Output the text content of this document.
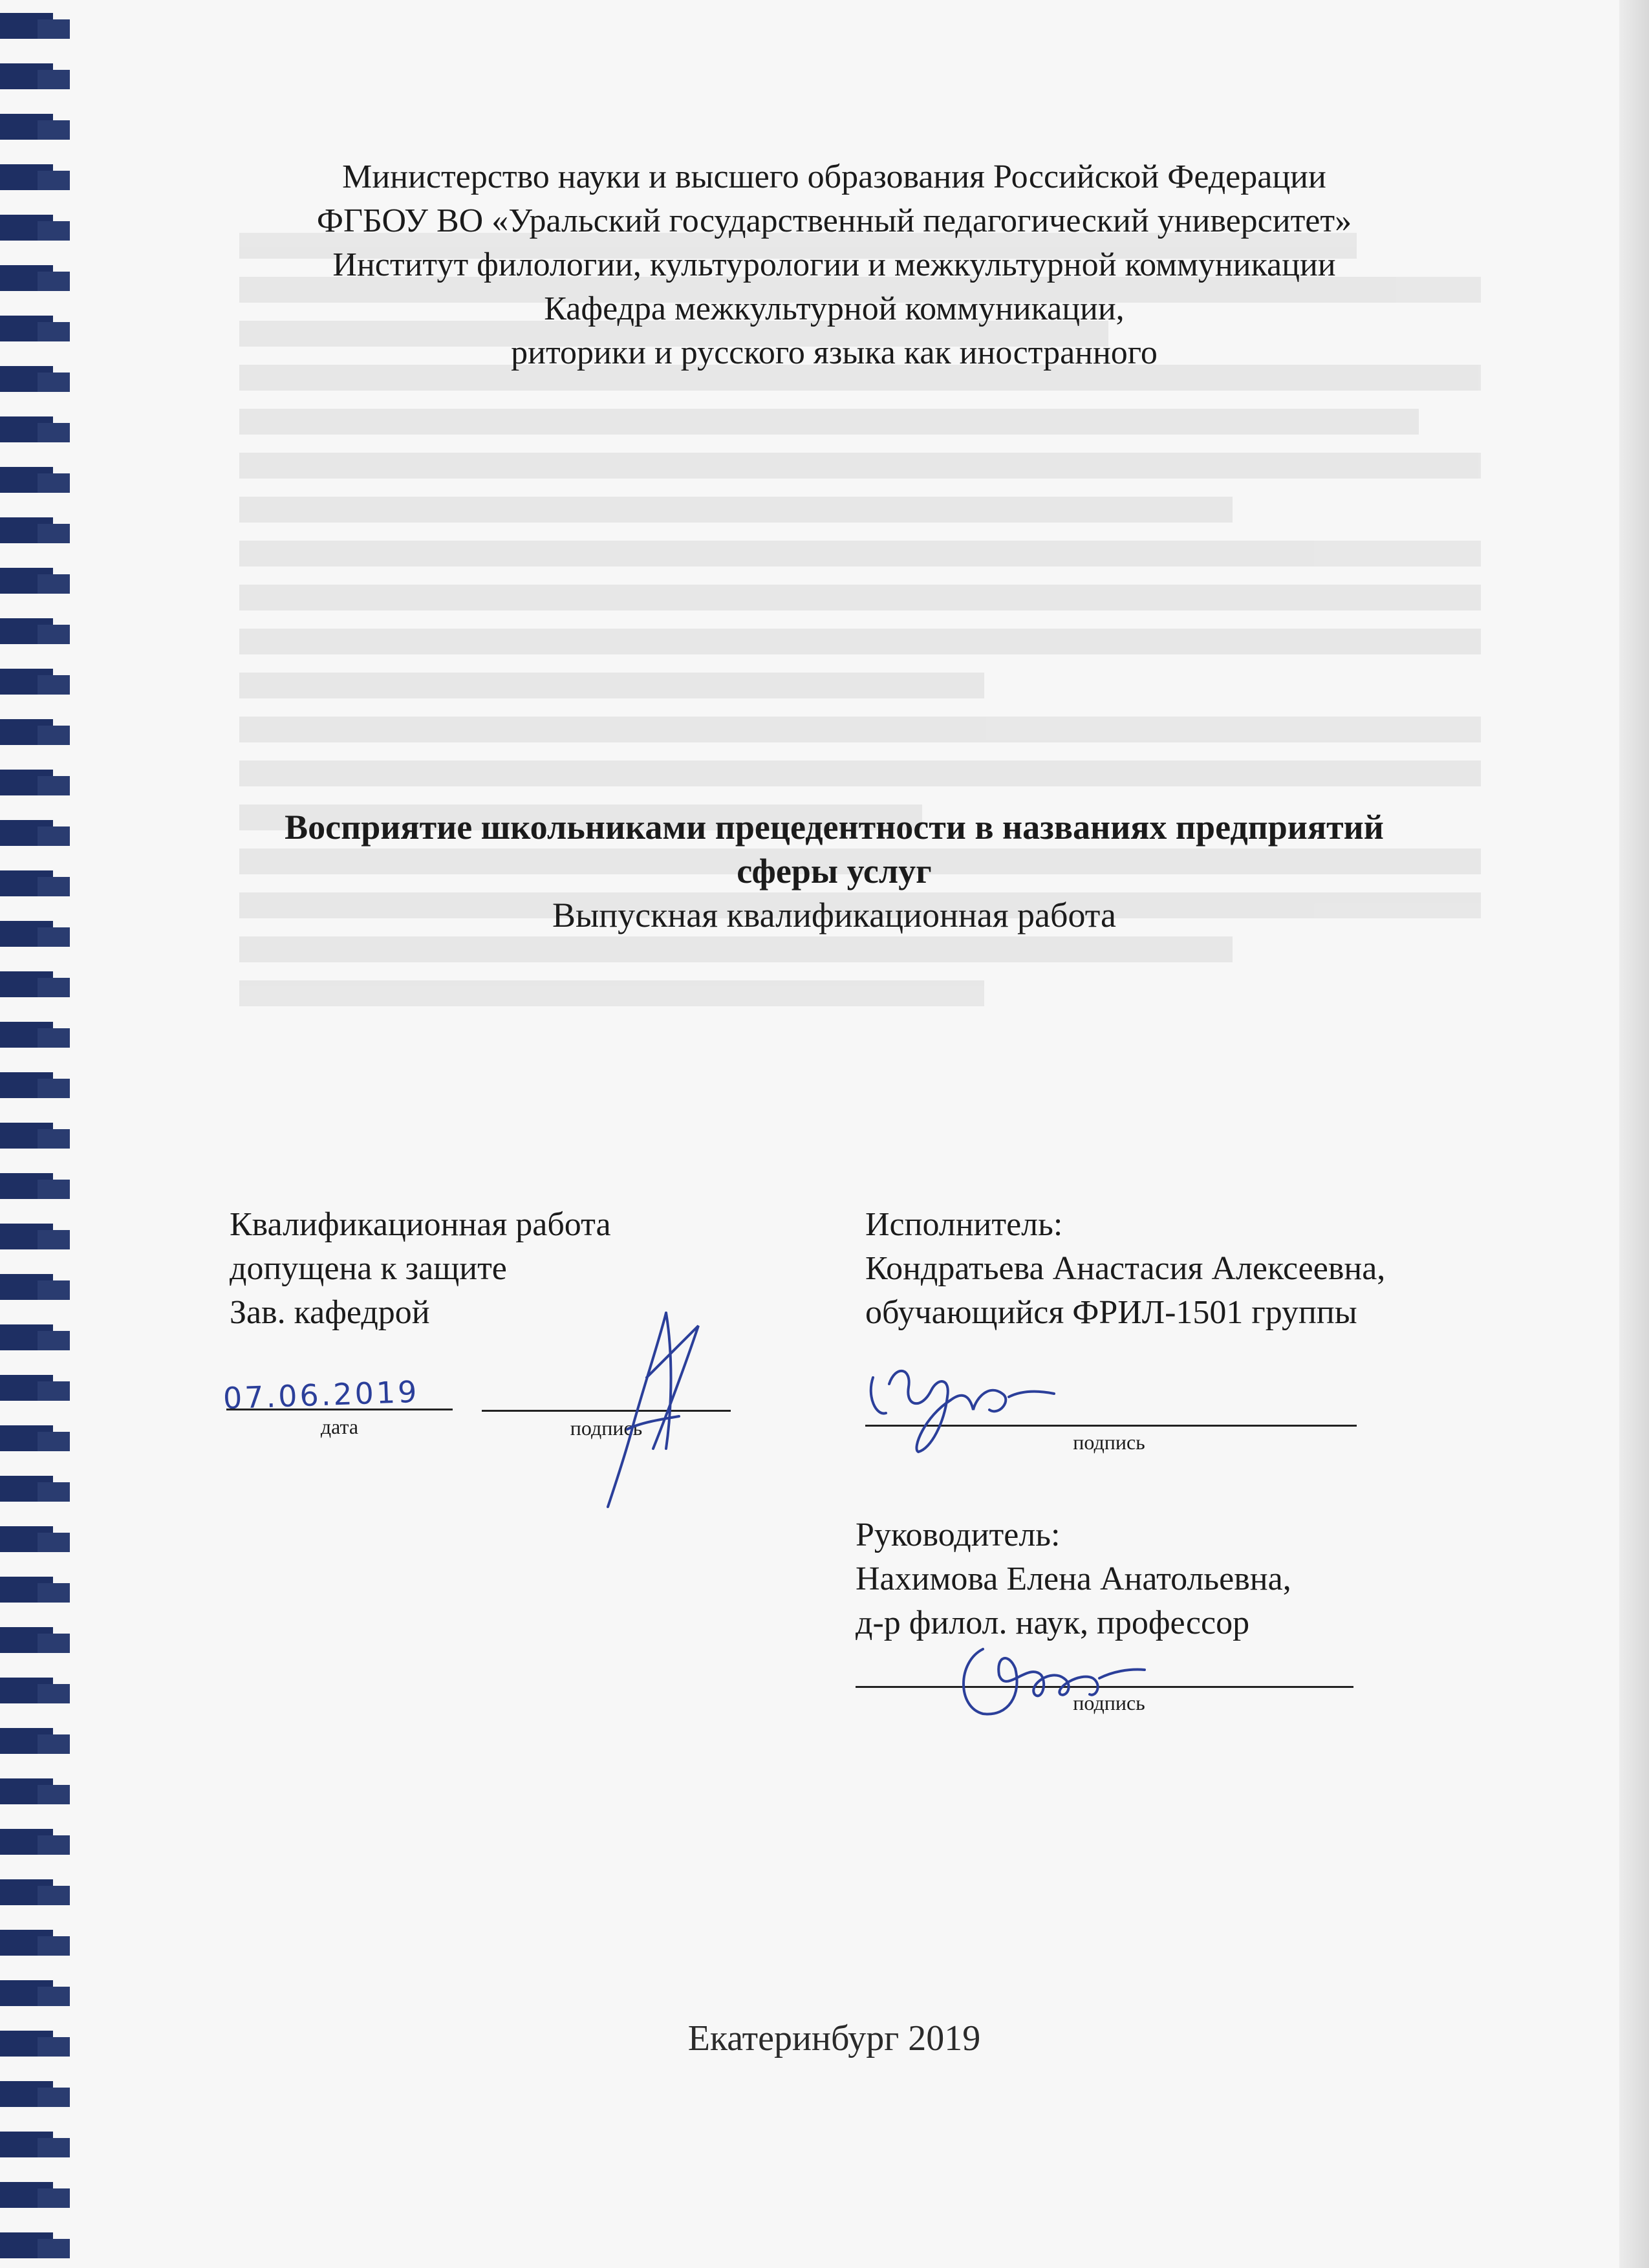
Министерство науки и высшего образования Российской Федерации
ФГБОУ ВО «Уральский государственный педагогический университет»
Институт филологии, культурологии и межкультурной коммуникации
Кафедра межкультурной коммуникации,
риторики и русского языка как иностранного
Восприятие школьниками прецедентности в названиях предприятий
сферы услуг
Выпускная квалификационная работа
Квалификационная работа
допущена к защите
Зав. кафедрой
07.06.2019
дата	подпись
Исполнитель:
Кондратьева Анастасия Алексеевна,
обучающийся ФРИЛ-1501 группы
подпись
Руководитель:
Нахимова Елена Анатольевна,
д-р филол. наук, профессор
подпись
Екатеринбург 2019
